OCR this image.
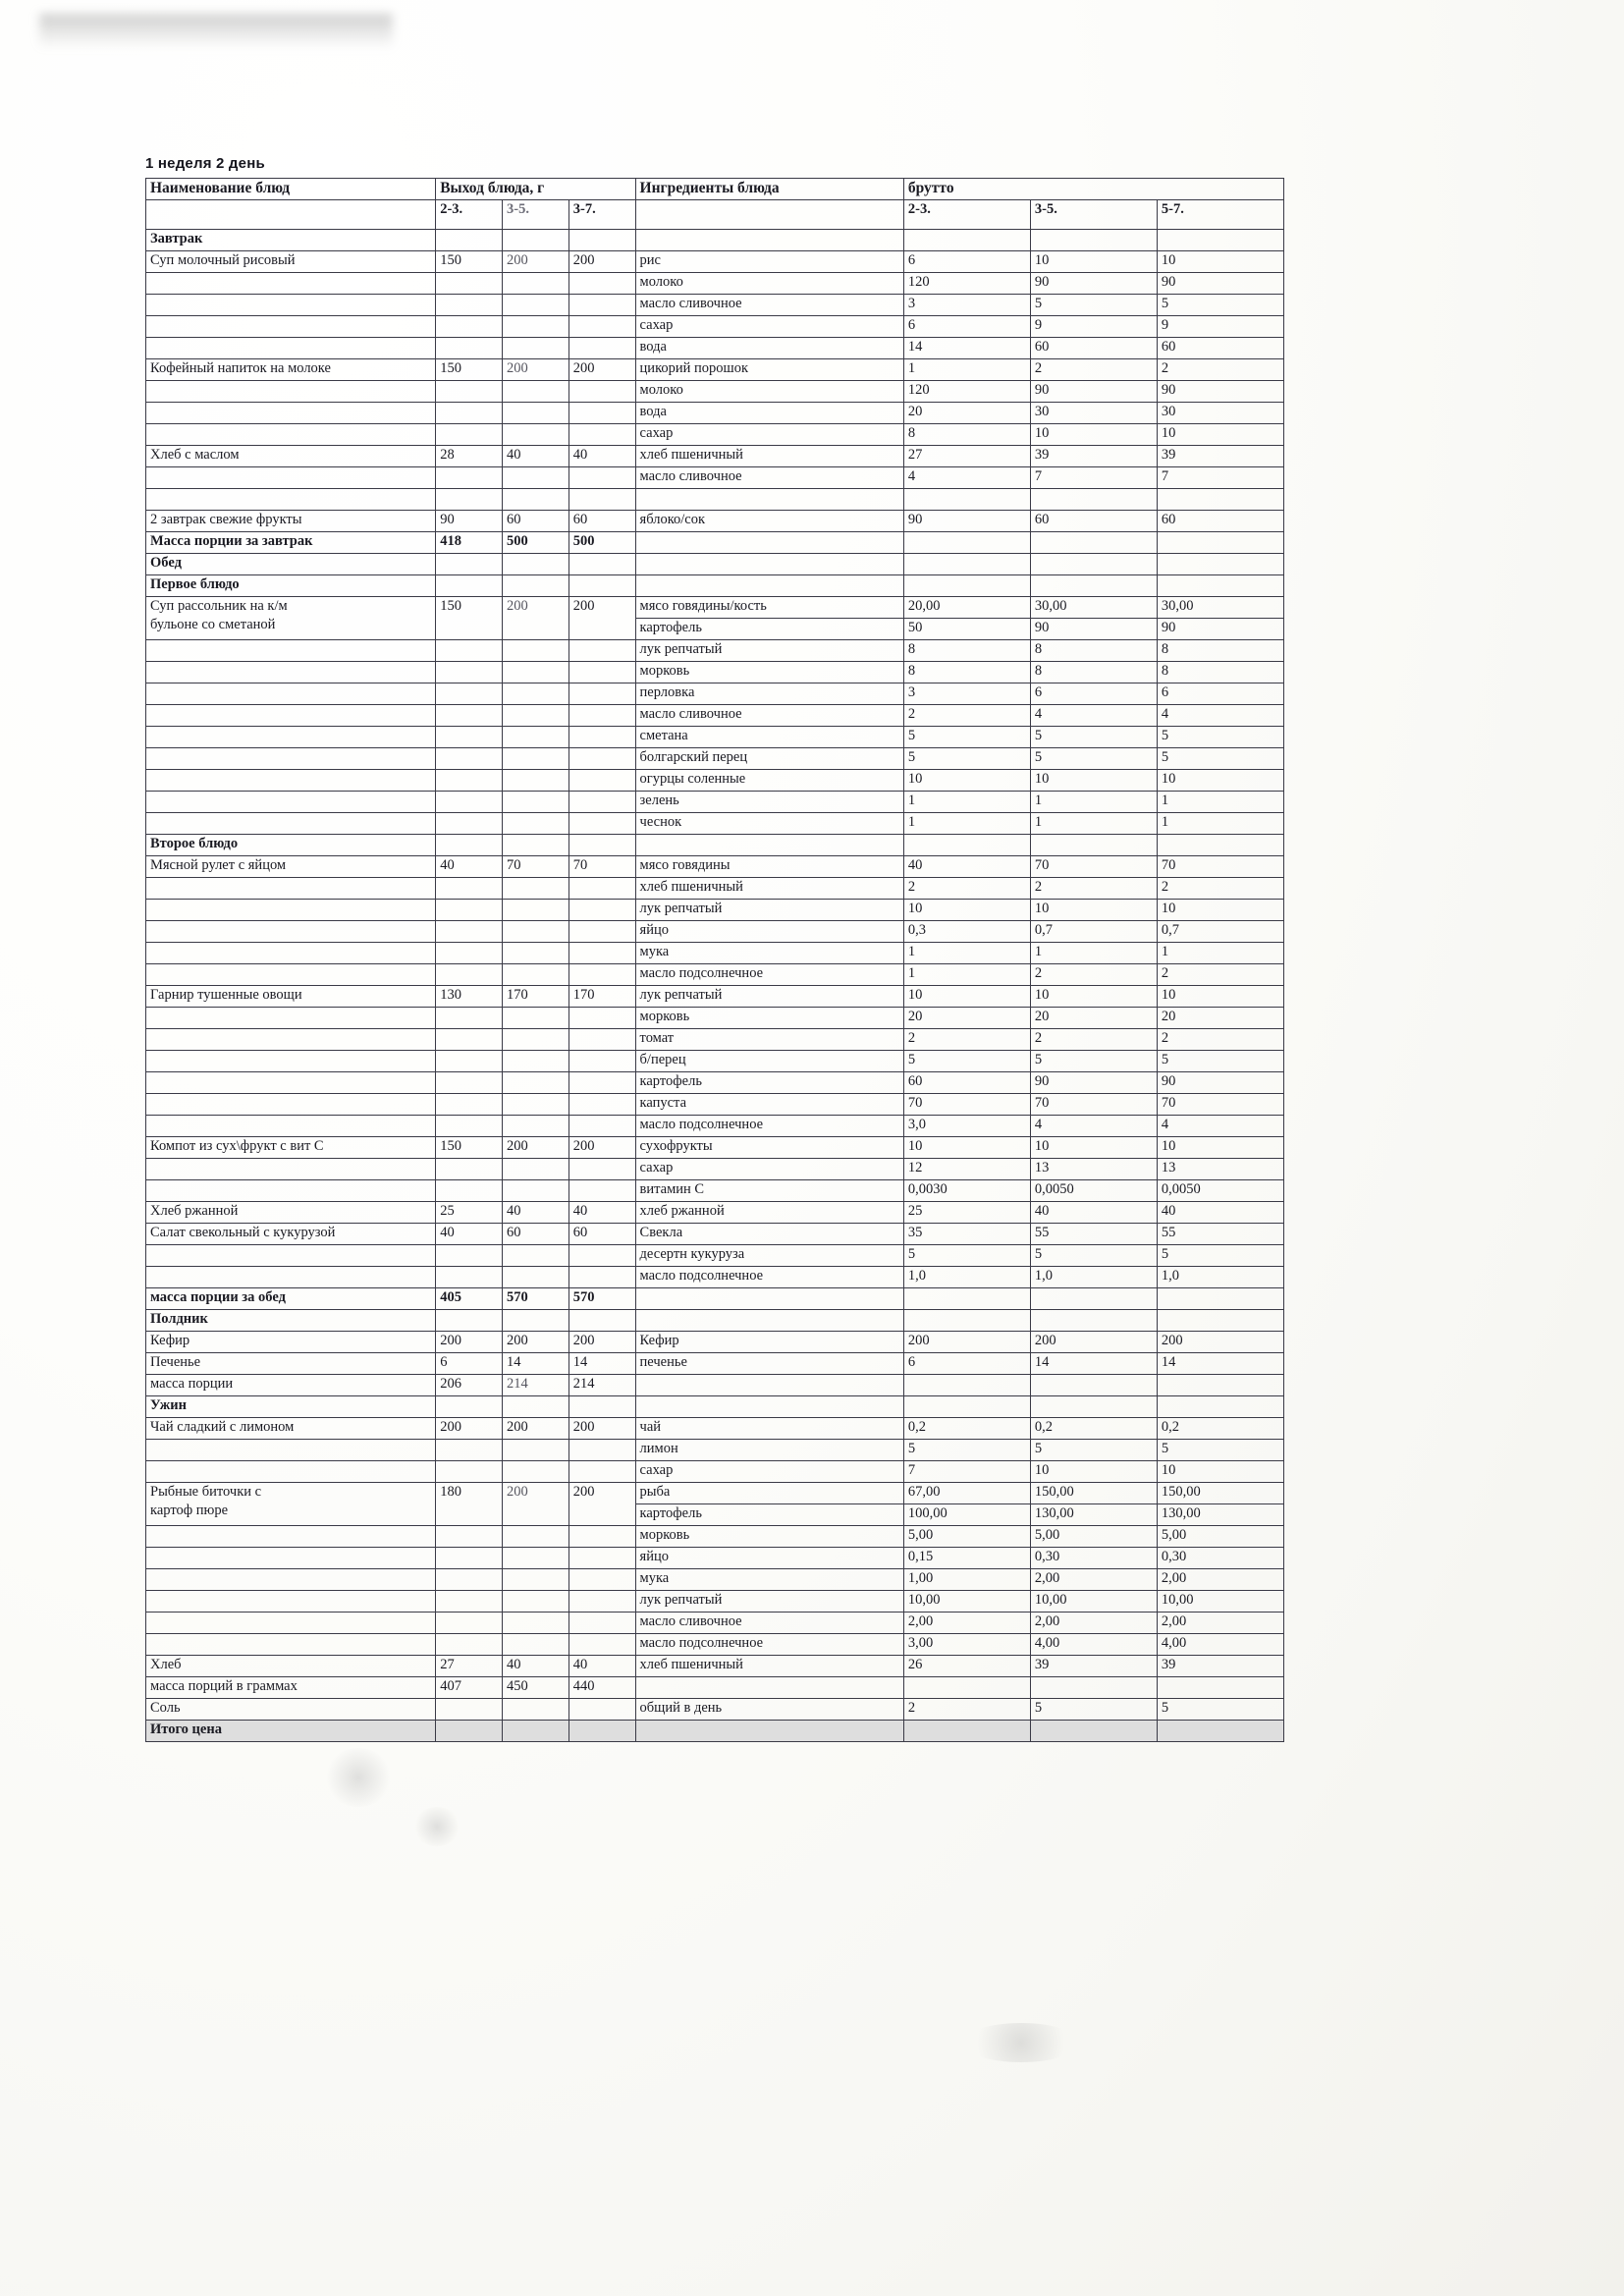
1 неделя 2 день
Наименование блюд	Выход блюда, г			Ингредиенты блюда	брутто		
	2-3.	3-5.	3-7.		2-3.	3-5.	5-7.
Завтрак							
Суп молочный рисовый	150	200	200	рис	6	10	10
				молоко	120	90	90
				масло сливочное	3	5	5
				сахар	6	9	9
				вода	14	60	60
Кофейный напиток на молоке	150	200	200	цикорий порошок	1	2	2
				молоко	120	90	90
				вода	20	30	30
				сахар	8	10	10
Хлеб с маслом	28	40	40	хлеб пшеничный	27	39	39
				масло сливочное	4	7	7

2 завтрак свежие фрукты	90	60	60	яблоко/сок	90	60	60
Масса порции за завтрак	418	500	500				
Обед							
Первое блюдо							

Суп рассольник на к/м
бульоне со сметаной	150	200	200	мясо говядины/кость	20,00	30,00	30,00
				картофель	50	90	90
				лук репчатый	8	8	8
				морковь	8	8	8
				перловка	3	6	6
				масло сливочное	2	4	4
				сметана	5	5	5
				болгарский перец	5	5	5
				огурцы соленные	10	10	10
				зелень	1	1	1
				чеснок	1	1	1
Второе блюдо							
Мясной рулет с яйцом	40	70	70	мясо говядины	40	70	70
				хлеб пшеничный	2	2	2
				лук репчатый	10	10	10
				яйцо	0,3	0,7	0,7
				мука	1	1	1
				масло подсолнечное	1	2	2
Гарнир тушенные овощи	130	170	170	лук репчатый	10	10	10
				морковь	20	20	20
				томат	2	2	2
				б/перец	5	5	5
				картофель	60	90	90
				капуста	70	70	70
				масло подсолнечное	3,0	4	4
Компот из сух\фрукт с вит С	150	200	200	сухофрукты	10	10	10
				сахар	12	13	13
				витамин С	0,0030	0,0050	0,0050
Хлеб ржанной	25	40	40	хлеб ржанной	25	40	40
Салат свекольный с кукурузой	40	60	60	Свекла	35	55	55
				десертн кукуруза	5	5	5
				масло подсолнечное	1,0	1,0	1,0
масса порции за обед	405	570	570				
Полдник							
Кефир	200	200	200	Кефир	200	200	200
Печенье	6	14	14	печенье	6	14	14
масса порции	206	214	214				
Ужин							
Чай сладкий с лимоном	200	200	200	чай	0,2	0,2	0,2
				лимон	5	5	5
				сахар	7	10	10

Рыбные биточки с
картоф пюре	180	200	200	рыба	67,00	150,00	150,00
				картофель	100,00	130,00	130,00
				морковь	5,00	5,00	5,00
				яйцо	0,15	0,30	0,30
				мука	1,00	2,00	2,00
				лук репчатый	10,00	10,00	10,00
				масло сливочное	2,00	2,00	2,00
				масло подсолнечное	3,00	4,00	4,00
Хлеб	27	40	40	хлеб пшеничный	26	39	39
масса порций в граммах	407	450	440				
Соль				общий в день	2	5	5
Итого цена							
